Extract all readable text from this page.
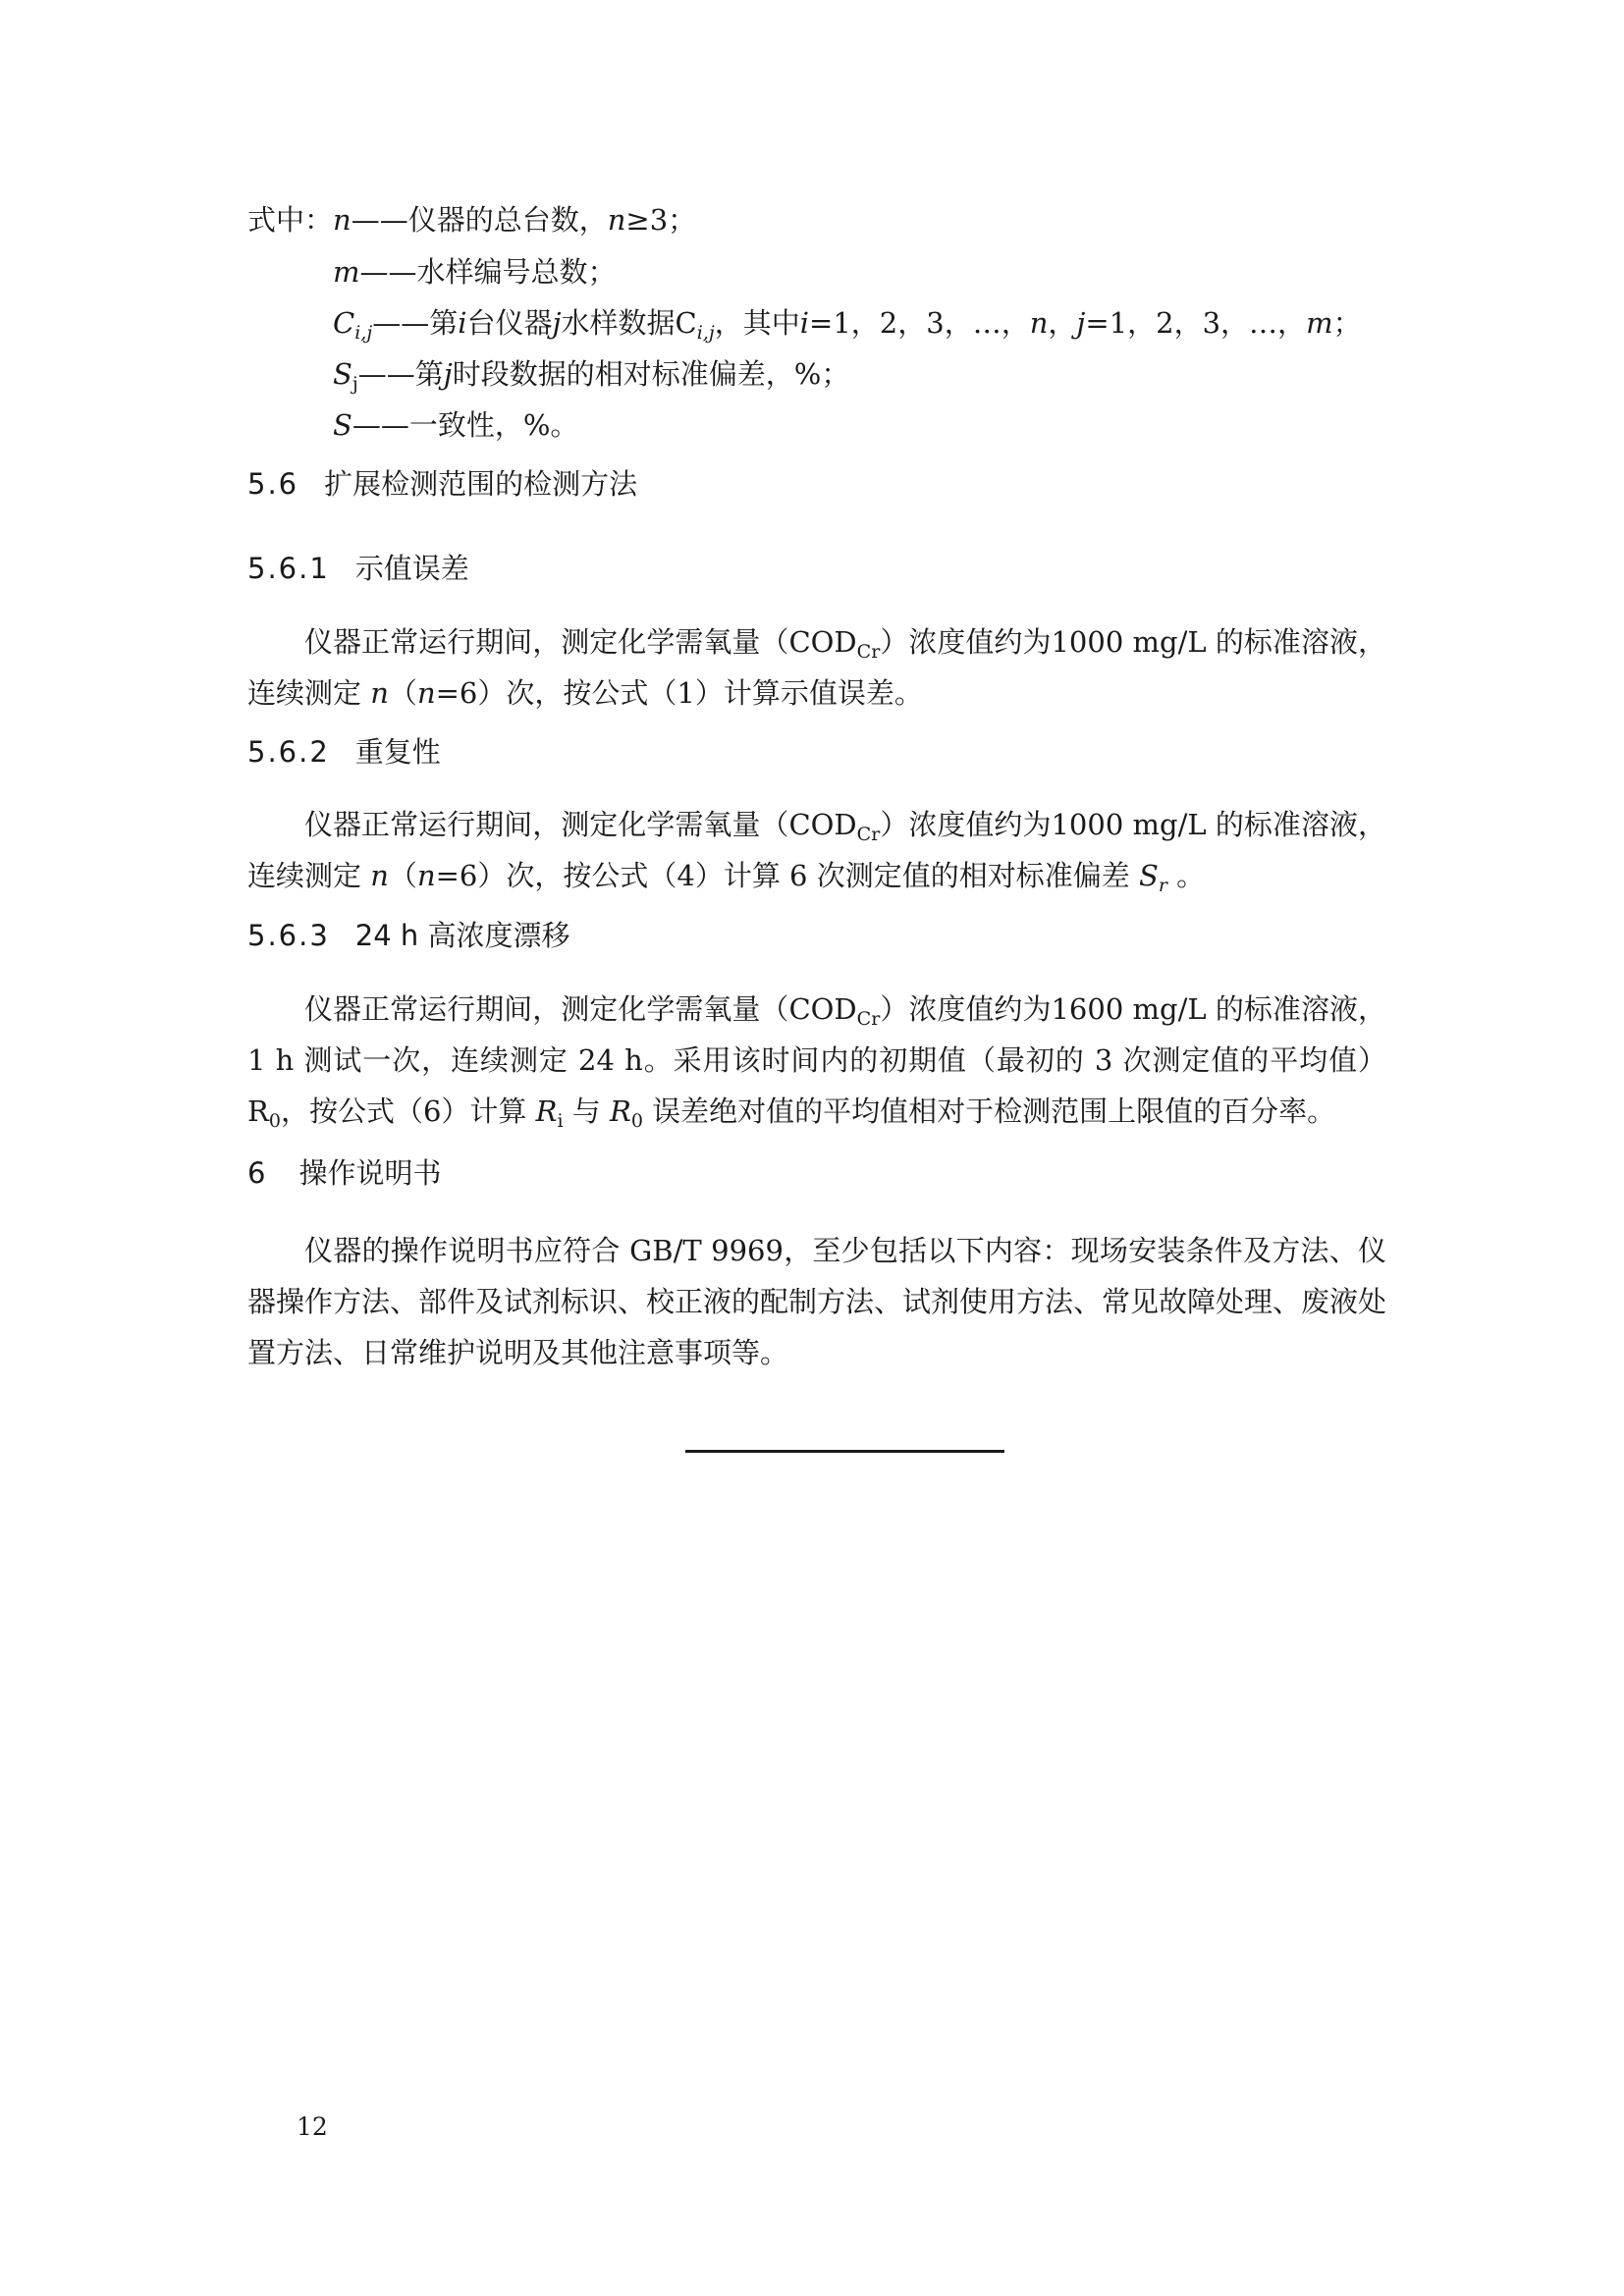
式中：n——仪器的总台数，n≥3；
m——水样编号总数；
$C_{i,j}——$第i台仪器j水样数据$C_{i,j}$，其中i=1，2，3，…，n，j=1，2，3，…，m；
$S_j——$第j时段数据的相对标准偏差，%；
S——一致性，%。
5.6 扩展检测范围的检测方法
5.6.1 示值误差
仪器正常运行期间，测定化学需氧量$(COD_{Cr})$浓度值约为1000 mg/L 的标准溶液，连续测定 n（n=6）次，按公式（1）计算示值误差。
5.6.2 重复性
仪器正常运行期间，测定化学需氧量$(COD_{Cr})$浓度值约为1000 mg/L 的标准溶液，连续测定 n（n=6）次，按公式（4）计算 6 次测定值的相对标准偏差 $S_r$ 。
5.6.3 24 h 高浓度漂移
仪器正常运行期间，测定化学需氧量$(COD_{Cr})$浓度值约为1600 mg/L 的标准溶液，1 h 测试一次，连续测定 24 h。采用该时间内的初期值（最初的 3 次测定值的平均值）$R_0$，按公式（6）计算 $R_i$ 与 $R_0$ 误差绝对值的平均值相对于检测范围上限值的百分率。
6 操作说明书
仪器的操作说明书应符合 GB/T 9969，至少包括以下内容：现场安装条件及方法、仪器操作方法、部件及试剂标识、校正液的配制方法、试剂使用方法、常见故障处理、废液处置方法、日常维护说明及其他注意事项等。
12
